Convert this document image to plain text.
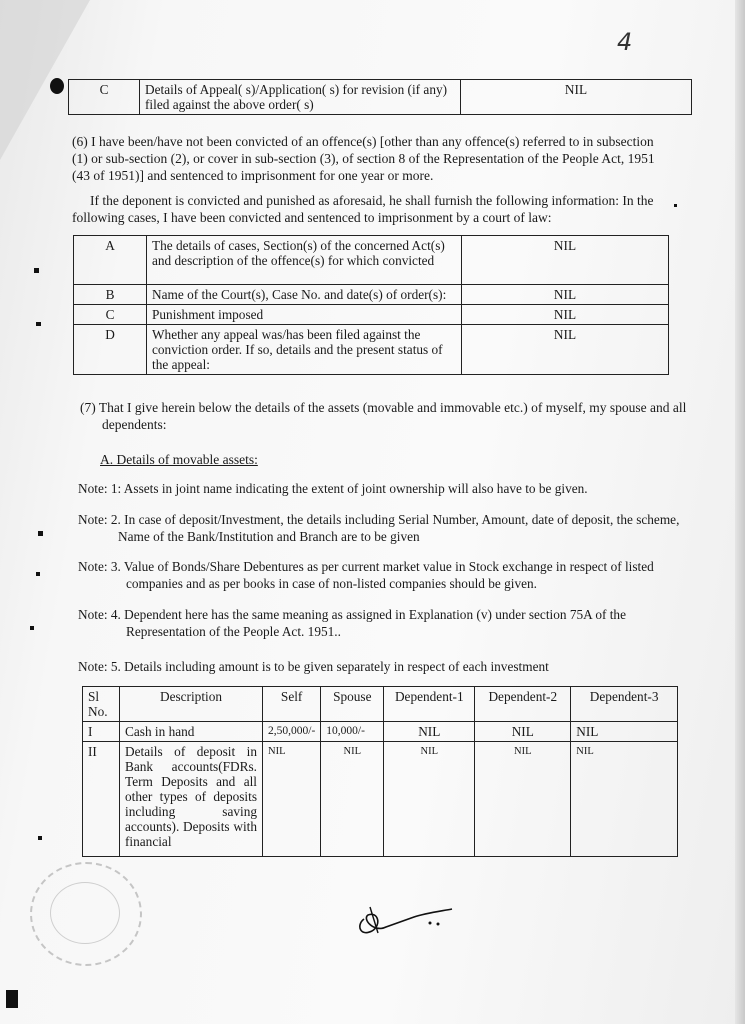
4
C	Details of Appeal( s)/Application( s) for revision (if any) filed against the above order( s)	NIL

(6) I have been/have not been convicted of an offence(s) [other than any offence(s) referred to in subsection (1) or sub-section (2), or cover in sub-section (3), of section 8 of the Representation of the People Act, 1951 (43 of 1951)] and sentenced to imprisonment for one year or more.

If the deponent is convicted and punished as aforesaid, he shall furnish the following information: In the following cases, I have been convicted and sentenced to imprisonment by a court of law:

A	The details of cases, Section(s) of the concerned Act(s) and description of the offence(s) for which convicted	NIL
B	Name of the Court(s), Case No. and date(s) of order(s):	NIL
C	Punishment imposed	NIL
D	Whether any appeal was/has been filed against the conviction order. If so, details and the present status of the appeal:	NIL

(7) That I give herein below the details of the assets (movable and immovable etc.) of myself, my spouse and all dependents:

A. Details of movable assets:

Note: 1: Assets in joint name indicating the extent of joint ownership will also have to be given.
Note: 2. In case of deposit/Investment, the details including Serial Number, Amount, date of deposit, the scheme, Name of the Bank/Institution and Branch are to be given
Note: 3. Value of Bonds/Share Debentures as per current market value in Stock exchange in respect of listed companies and as per books in case of non-listed companies should be given.
Note: 4. Dependent here has the same meaning as assigned in Explanation (v) under section 75A of the Representation of the People Act. 1951..
Note: 5. Details including amount is to be given separately in respect of each investment
Sl No.	Description	Self	Spouse	Dependent-1	Dependent-2	Dependent-3
I	Cash in hand	2,50,000/-	10,000/-	NIL	NIL	NIL
II	Details of deposit in Bank accounts(FDRs. Term Deposits and all other types of deposits including saving accounts). Deposits with financial	NIL	NIL	NIL	NIL	NIL
